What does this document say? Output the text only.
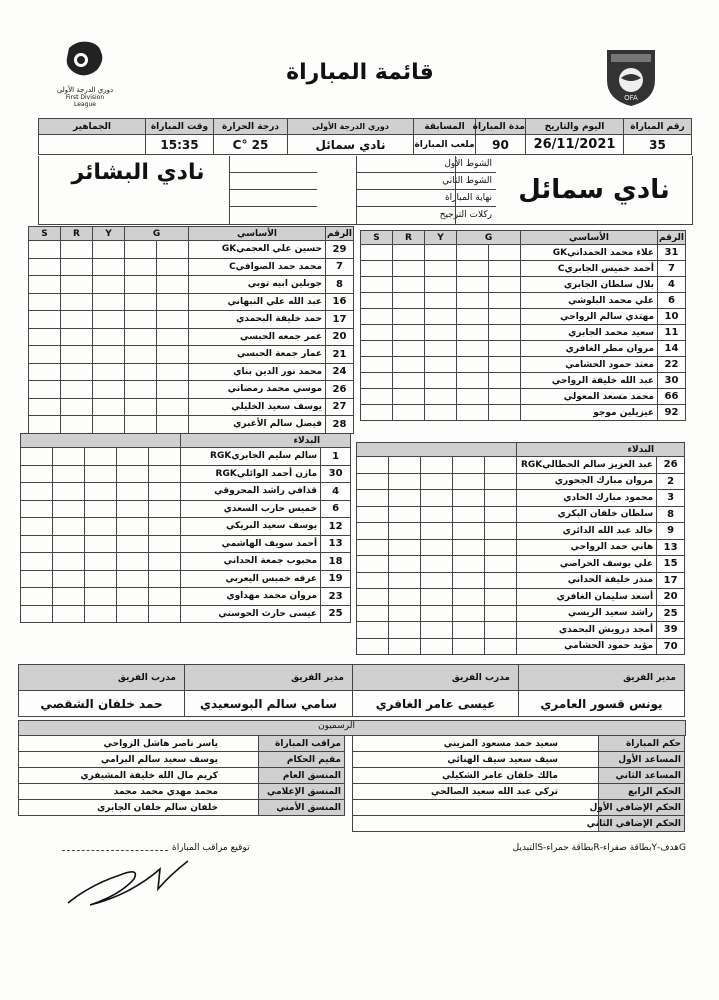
دوري الدرجة الأولى
First Division League
قائمة المباراة
OFA
رقم المباراة	اليوم والتاريخ	مدة المباراة	المسابقة	دوري الدرجة الأولى	درجة الحرارة	وقت المباراة	الجماهير
35	26/11/2021	90	ملعب المباراة	نادي سمائل	25 °C	15:35	
الشوط الأول
الشوط الثاني
نهاية المباراة
ركلات الترجيح
نادي البشائر
نادي سمائل
الرقم	الأساسي	G		Y	R	S
31	علاء محمد الحمدانيGK					
7	أحمد خميس الجابريC					
4	بلال سلطان الجابري					
6	علي محمد البلوشي					
10	مهتدي سالم الرواحي					
11	سعيد محمد الجابري					
14	مروان مطر الغافري					
22	معتد حمود الحشامي					
30	عبد الله خليفة الرواحي					
66	محمد مسعد المعولي					
92	عيزيلين موجو					
الرقم	الأساسي	G		Y	R	S
29	حسين علي العجميGK					
7	محمد حمد الصوافيC					
8	جوبلين ابيه توبي					
16	عبد الله علي النبهاني					
17	حمد خليفة البحمدي					
20	عمر جمعه الحبسي					
21	عمار جمعة الحبسي					
24	محمد نور الدين بناي					
26	موسي محمد رمضاني					
27	يوسف سعيد الخليلي					
28	فيصل سالم الأغبري					
البدلاء						
26	عبد العزيز سالم الحطاليRGK					
2	مروان مبارك الجحوري					
3	محمود مبارك الحادي					
8	سلطان خلفان البكري					
9	خالد عبد الله الدائري					
13	هاني حمد الرواحي					
15	علي يوسف الحراصي					
17	منذر خليفة الحداني					
20	أسعد سليمان الغافري					
25	راشد سعيد الريسي					
39	أمجد درويش البحمدي					
70	مؤيد حمود الحشامي					
البدلاء						
1	سالم سليم الجابريRGK					
30	مازن أحمد الوائليRGK					
4	قذافي راشد المحروقي					
6	خميس حارب السعدي					
12	يوسف سعيد البريكي					
13	أحمد سويف الهاشمي					
18	محبوب جمعة الحداني					
19	عرفه خميس اليعربي					
23	مروان محمد مهداوي					
25	عيسى حارث الحوسني					
مدير الفريق	مدرب الفريق	مدير الفريق	مدرب الفريق
يونس قسور العامري	عيسى عامر الغافري	سامي سالم البوسعيدي	حمد خلفان الشقصي
الرسميون
حكم المباراة	سعيد حمد مسعود المزيني
المساعد الأول	سيف سعيد سيف الهنائي
المساعد الثاني	مالك خلفان عامر الشكيلي
الحكم الرابع	تركي عبد الله سعيد الصالحي
الحكم الإضافي الأول	
الحكم الإضافي الثاني	
مراقب المباراة	ياسر ناصر هاشل الرواحي
مقيم الحكام	يوسف سعيد سالم البرامي
المنسق العام	كريم مال الله خليفة المشيفري
المنسق الإعلامي	محمد مهدي محمد محمد
المنسق الأمني	خلفان سالم خلفان الجابري
توقيع مراقب المباراة	Gهدف-Yبطاقة صفراء-Rبطاقة حمراء-Sالتبديل
